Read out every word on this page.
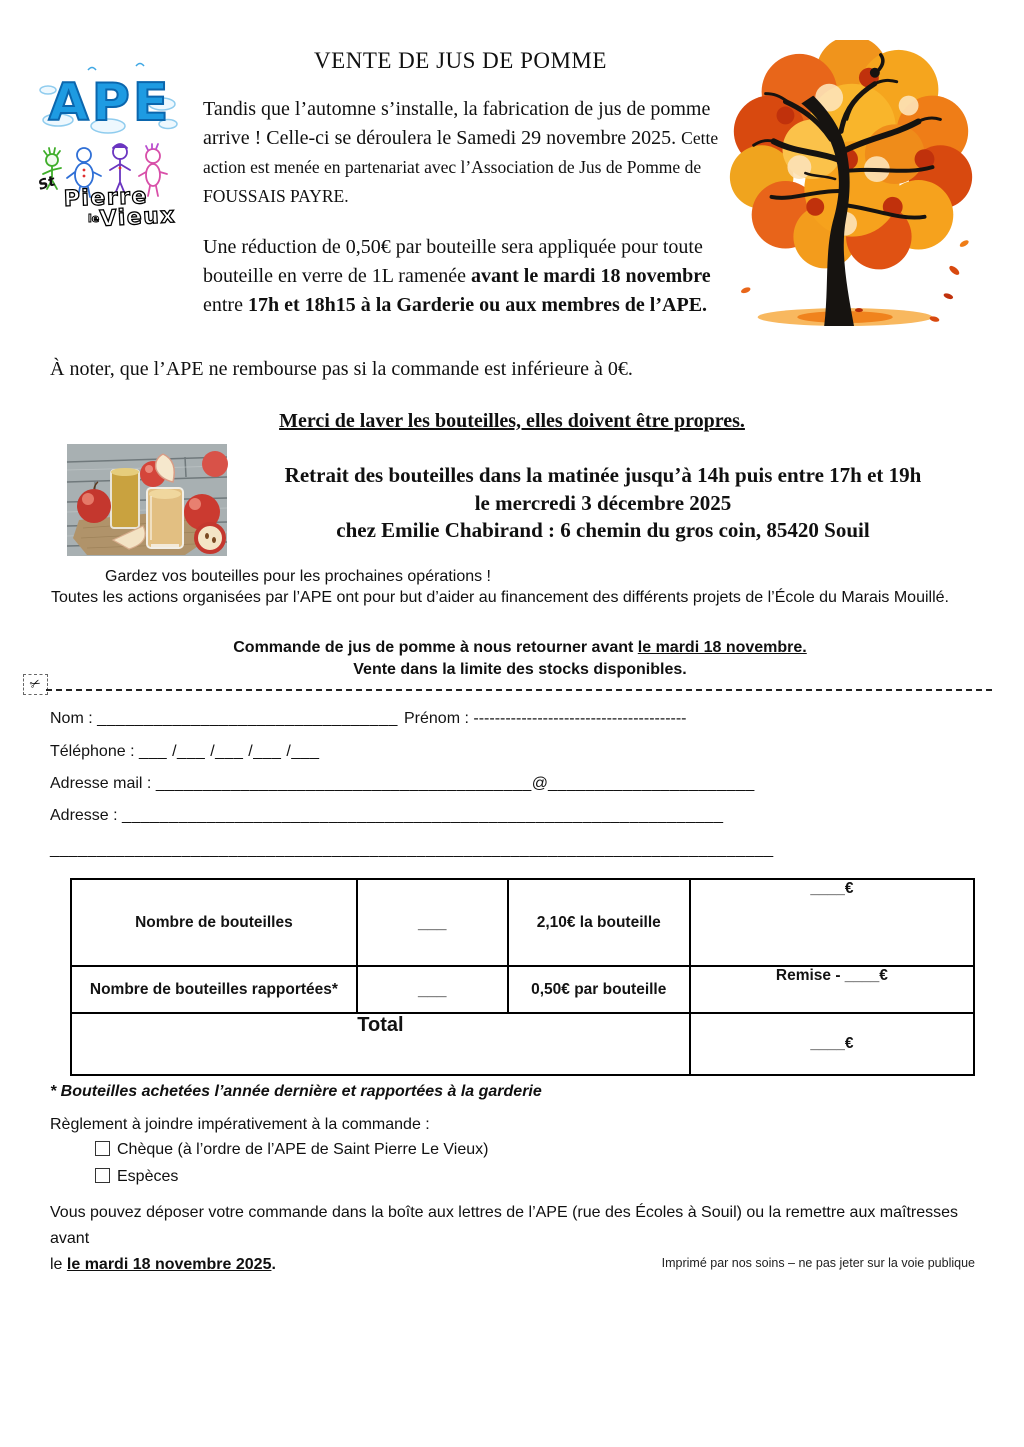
APE
St
Pierre
le Vieux
VENTE DE JUS DE POMME
Tandis que l’automne s’installe, la fabrication de jus de pomme arrive ! Celle-ci se déroulera le Samedi 29 novembre 2025. Cette action est menée en partenariat avec l’Association de Jus de Pomme de FOUSSAIS PAYRE.
Une réduction de 0,50€ par bouteille sera appliquée pour toute bouteille en verre de 1L ramenée avant le mardi 18 novembre entre 17h et 18h15 à la Garderie ou aux membres de l’APE.
À noter, que l’APE ne rembourse pas si la commande est inférieure à 0€.
Merci de laver les bouteilles, elles doivent être propres.
Retrait des bouteilles dans la matinée jusqu’à 14h puis entre 17h et 19h
le mercredi 3 décembre 2025
chez Emilie Chabirand : 6 chemin du gros coin, 85420 Souil
Gardez vos bouteilles pour les prochaines opérations !
Toutes les actions organisées par l’APE ont pour but d’aider au financement des différents projets de l’École du Marais Mouillé.
Commande de jus de pomme à nous retourner avant le mardi 18 novembre.
Vente dans la limite des stocks disponibles.
✂
Nom : ________________________________ Prénom : ----------------------------------------
Téléphone : ___ /___ /___ /___ /___
Adresse mail : ________________________________________@______________________
Adresse : ________________________________________________________________
_____________________________________________________________________________
Nombre de bouteilles	___	2,10€ la bouteille	____€
Nombre de bouteilles rapportées*	___	0,50€ par bouteille	Remise - ____€
Total			____€
* Bouteilles achetées l’année dernière et rapportées à la garderie
Règlement à joindre impérativement à la commande :
Chèque (à l’ordre de l’APE de Saint Pierre Le Vieux)
Espèces
Vous pouvez déposer votre commande dans la boîte aux lettres de l’APE (rue des Écoles à Souil) ou la remettre aux maîtresses avant
le le mardi 18 novembre 2025.	Imprimé par nos soins – ne pas jeter sur la voie publique
